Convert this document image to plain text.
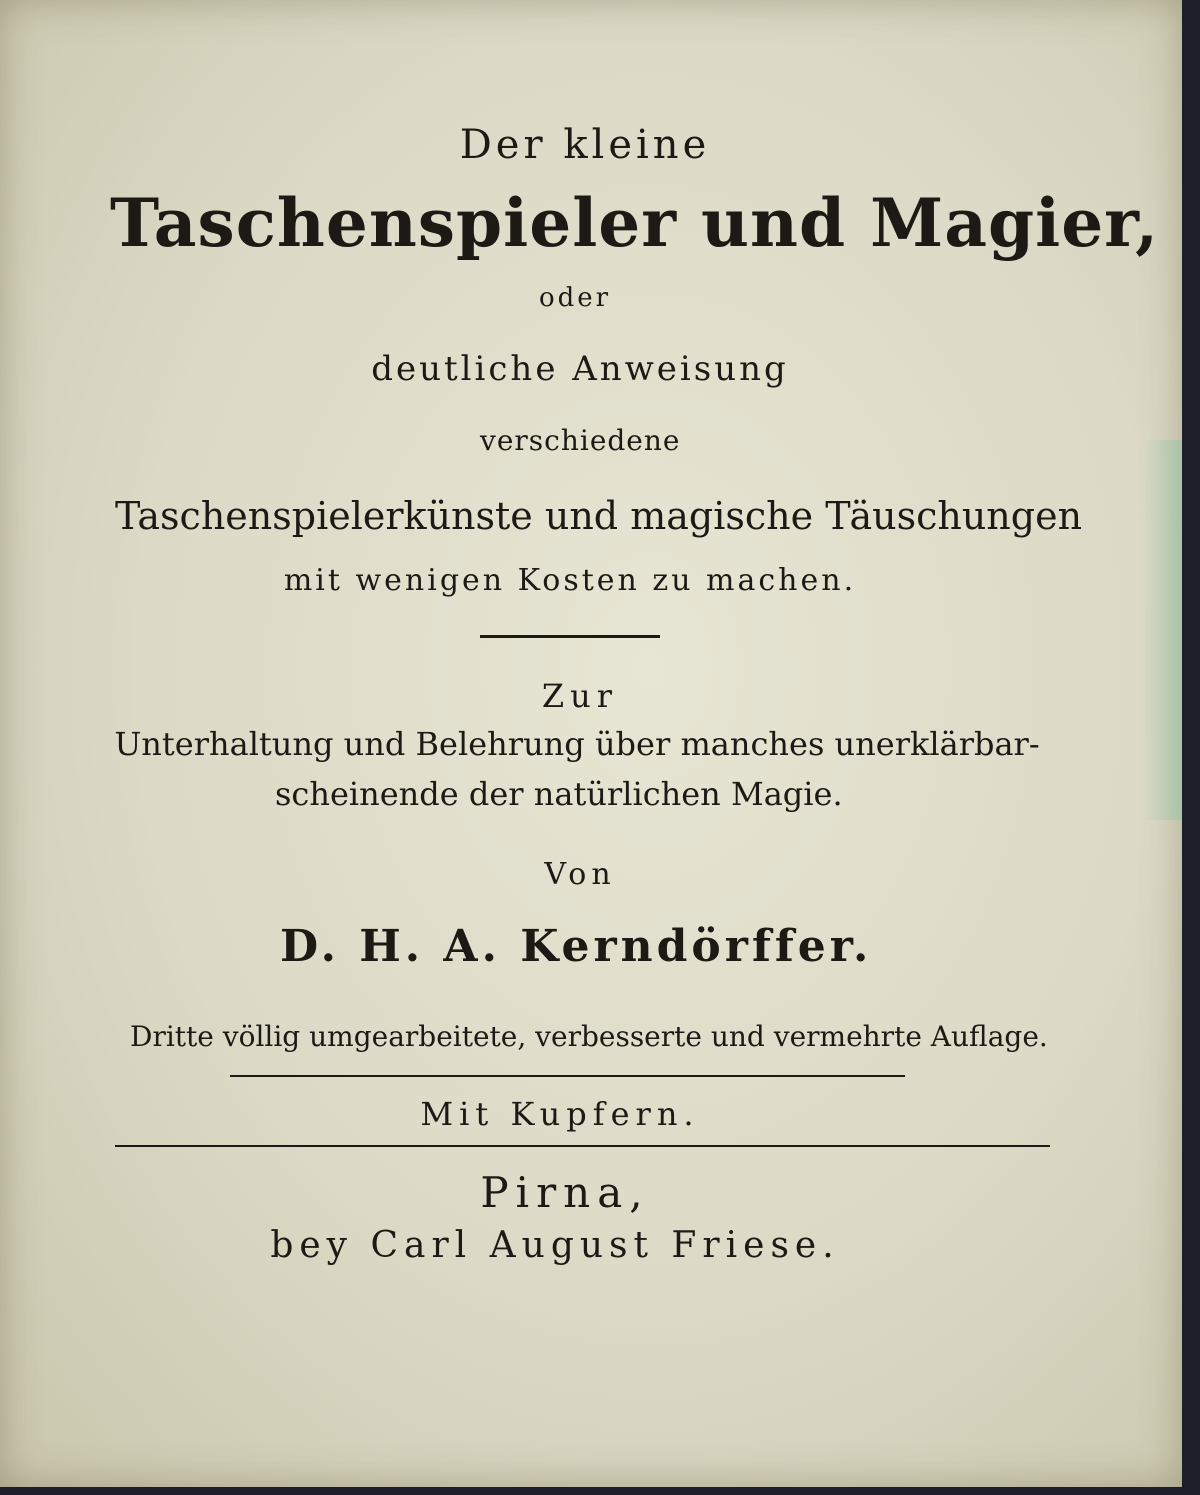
Der kleine
Taschenspieler und Magier,
oder
deutliche Anweisung
verschiedene
Taschenspielerkünste und magische Täuschungen
mit wenigen Kosten zu machen.
Zur
Unterhaltung und Belehrung über manches unerklärbar-
scheinende der natürlichen Magie.
Von
D. H. A. Kerndörffer.
Dritte völlig umgearbeitete, verbesserte und vermehrte Auflage.
Mit Kupfern.
Pirna,
bey Carl August Friese.
